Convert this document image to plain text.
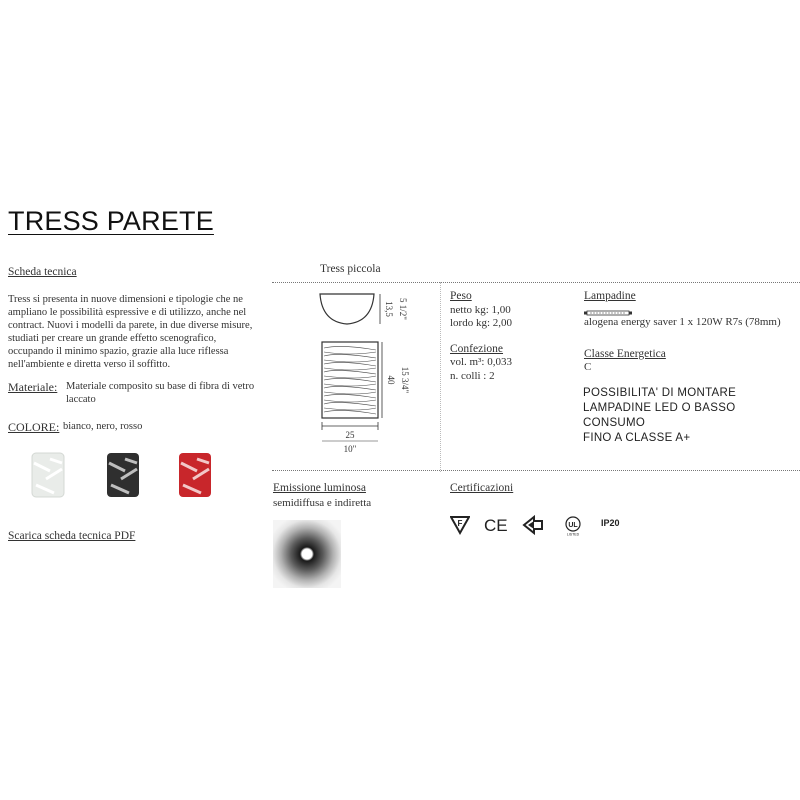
TRESS PARETE
Scheda tecnica
Tress si presenta in nuove dimensioni e tipologie che ne ampliano le possibilità espressive e di utilizzo, anche nel contract. Nuovi i modelli da parete, in due diverse misure, studiati per creare un grande effetto scenografico, occupando il minimo spazio, grazie alla luce riflessa nell'ambiente e diretta verso il soffitto.
Materiale: Materiale composito su base di fibra di vetro laccato
COLORE: bianco, nero, rosso
Scarica scheda tecnica PDF
Tress piccola
13,5 5 1/2"
40 15 3/4"
25
10"
Peso
netto kg: 1,00
lordo kg: 2,00
Confezione
vol. m³: 0,033
n. colli : 2
Lampadine
alogena energy saver 1 x 120W R7s (78mm)
Classe Energetica
C
POSSIBILITA' DI MONTARE
LAMPADINE LED O BASSO CONSUMO
FINO A CLASSE A+
Emissione luminosa
semidiffusa e indiretta
Certificazioni
F CE	UL
LISTED
IP20
